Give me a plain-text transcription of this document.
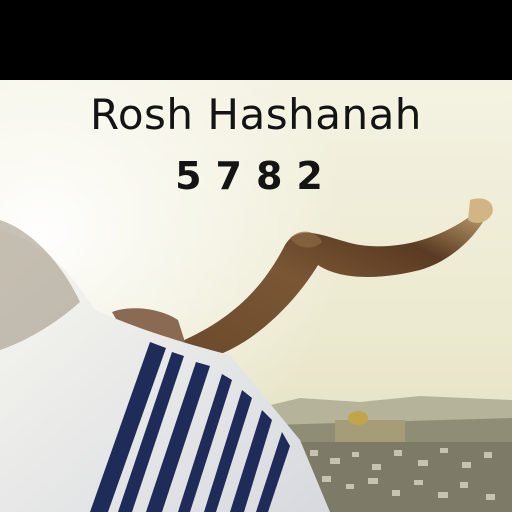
Rosh Hashanah
5782
